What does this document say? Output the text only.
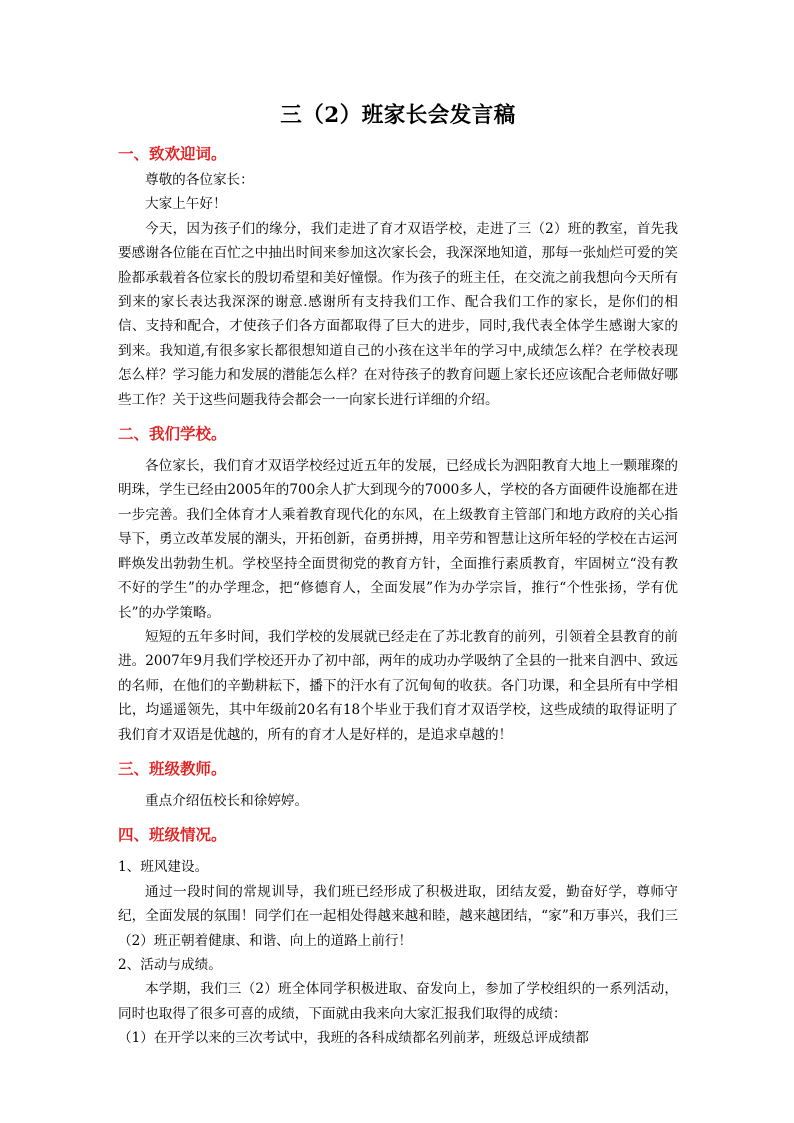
三（2）班家长会发言稿
一、致欢迎词。

尊敬的各位家长：

大家上午好！

今天，因为孩子们的缘分，我们走进了育才双语学校，走进了三（2）班的教室，首先我要感谢各位能在百忙之中抽出时间来参加这次家长会，我深深地知道，那每一张灿烂可爱的笑脸都承载着各位家长的殷切希望和美好憧憬。作为孩子的班主任，在交流之前我想向今天所有到来的家长表达我深深的谢意.感谢所有支持我们工作、配合我们工作的家长，是你们的相信、支持和配合，才使孩子们各方面都取得了巨大的进步，同时,我代表全体学生感谢大家的到来。我知道,有很多家长都很想知道自己的小孩在这半年的学习中,成绩怎么样？在学校表现怎么样？学习能力和发展的潜能怎么样？在对待孩子的教育问题上家长还应该配合老师做好哪些工作？关于这些问题我待会都会一一向家长进行详细的介绍。

二、我们学校。

各位家长，我们育才双语学校经过近五年的发展，已经成长为泗阳教育大地上一颗璀璨的明珠，学生已经由2005年的700余人扩大到现今的7000多人，学校的各方面硬件设施都在进一步完善。我们全体育才人乘着教育现代化的东风，在上级教育主管部门和地方政府的关心指导下，勇立改革发展的潮头，开拓创新，奋勇拼搏，用辛劳和智慧让这所年轻的学校在古运河畔焕发出勃勃生机。学校坚持全面贯彻党的教育方针，全面推行素质教育，牢固树立“没有教不好的学生”的办学理念，把“修德育人，全面发展”作为办学宗旨，推行“个性张扬，学有优长”的办学策略。

短短的五年多时间，我们学校的发展就已经走在了苏北教育的前列，引领着全县教育的前进。2007年9月我们学校还开办了初中部，两年的成功办学吸纳了全县的一批来自泗中、致远的名师，在他们的辛勤耕耘下，播下的汗水有了沉甸甸的收获。各门功课，和全县所有中学相比，均遥遥领先，其中年级前20名有18个毕业于我们育才双语学校，这些成绩的取得证明了我们育才双语是优越的，所有的育才人是好样的，是追求卓越的！

三、班级教师。

重点介绍伍校长和徐婷婷。

四、班级情况。

1、班风建设。

通过一段时间的常规训导，我们班已经形成了积极进取，团结友爱，勤奋好学，尊师守纪，全面发展的氛围！同学们在一起相处得越来越和睦，越来越团结，“家”和万事兴，我们三（2）班正朝着健康、和谐、向上的道路上前行！

2、活动与成绩。

本学期，我们三（2）班全体同学积极进取、奋发向上，参加了学校组织的一系列活动，同时也取得了很多可喜的成绩，下面就由我来向大家汇报我们取得的成绩：

（1）在开学以来的三次考试中，我班的各科成绩都名列前茅，班级总评成绩都
